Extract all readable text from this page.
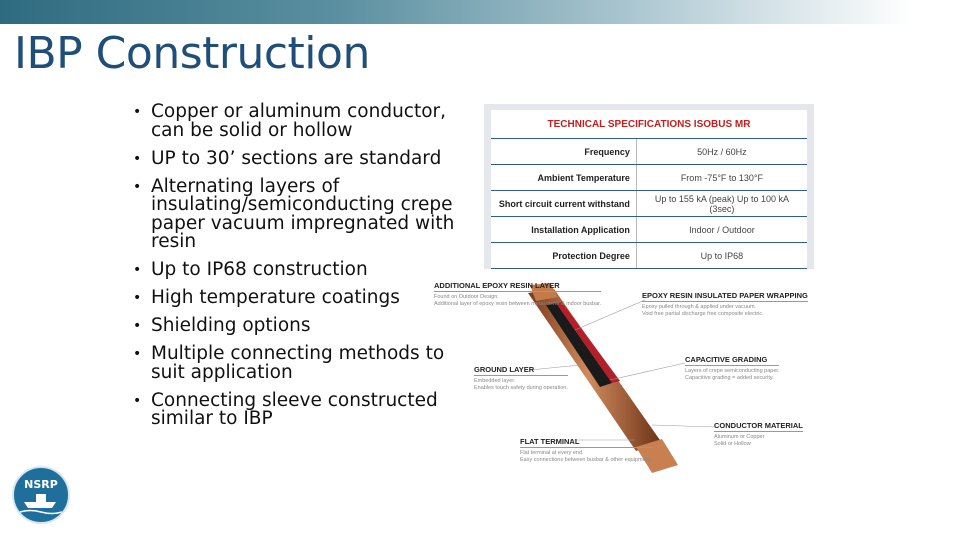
IBP Construction
• Copper or aluminum conductor, can be solid or hollow
• UP to 30’ sections are standard
• Alternating layers of insulating/semiconducting crepe paper vacuum impregnated with resin
• Up to IP68 construction
• High temperature coatings
• Shielding options
• Multiple connecting methods to suit application
• Connecting sleeve constructed similar to IBP
TECHNICAL SPECIFICATIONS ISOBUS MR	
Frequency	50Hz / 60Hz
Ambient Temperature	From -75°F to 130°F
Short circuit current withstand	Up to 155 kA (peak) Up to 100 kA (3sec)
Installation Application	Indoor / Outdoor
Protection Degree	Up to IP68
ADDITIONAL EPOXY RESIN LAYER
Found on Outdoor Design.
Additional layer of epoxy resin between metal cover & indoor busbar.
EPOXY RESIN INSULATED PAPER WRAPPING
Epoxy pulled through & applied under vacuum.
Void free partial discharge free composite electric.
GROUND LAYER
Embedded layer.
Enables touch safety during operation.
CAPACITIVE GRADING
Layers of crepe semiconducting paper.
Capacitive grading = added security.
FLAT TERMINAL
Flat terminal at every end.
Easy connections between busbar & other equipment.
CONDUCTOR MATERIAL
Aluminum or Copper
Solid or Hollow
NSRP
